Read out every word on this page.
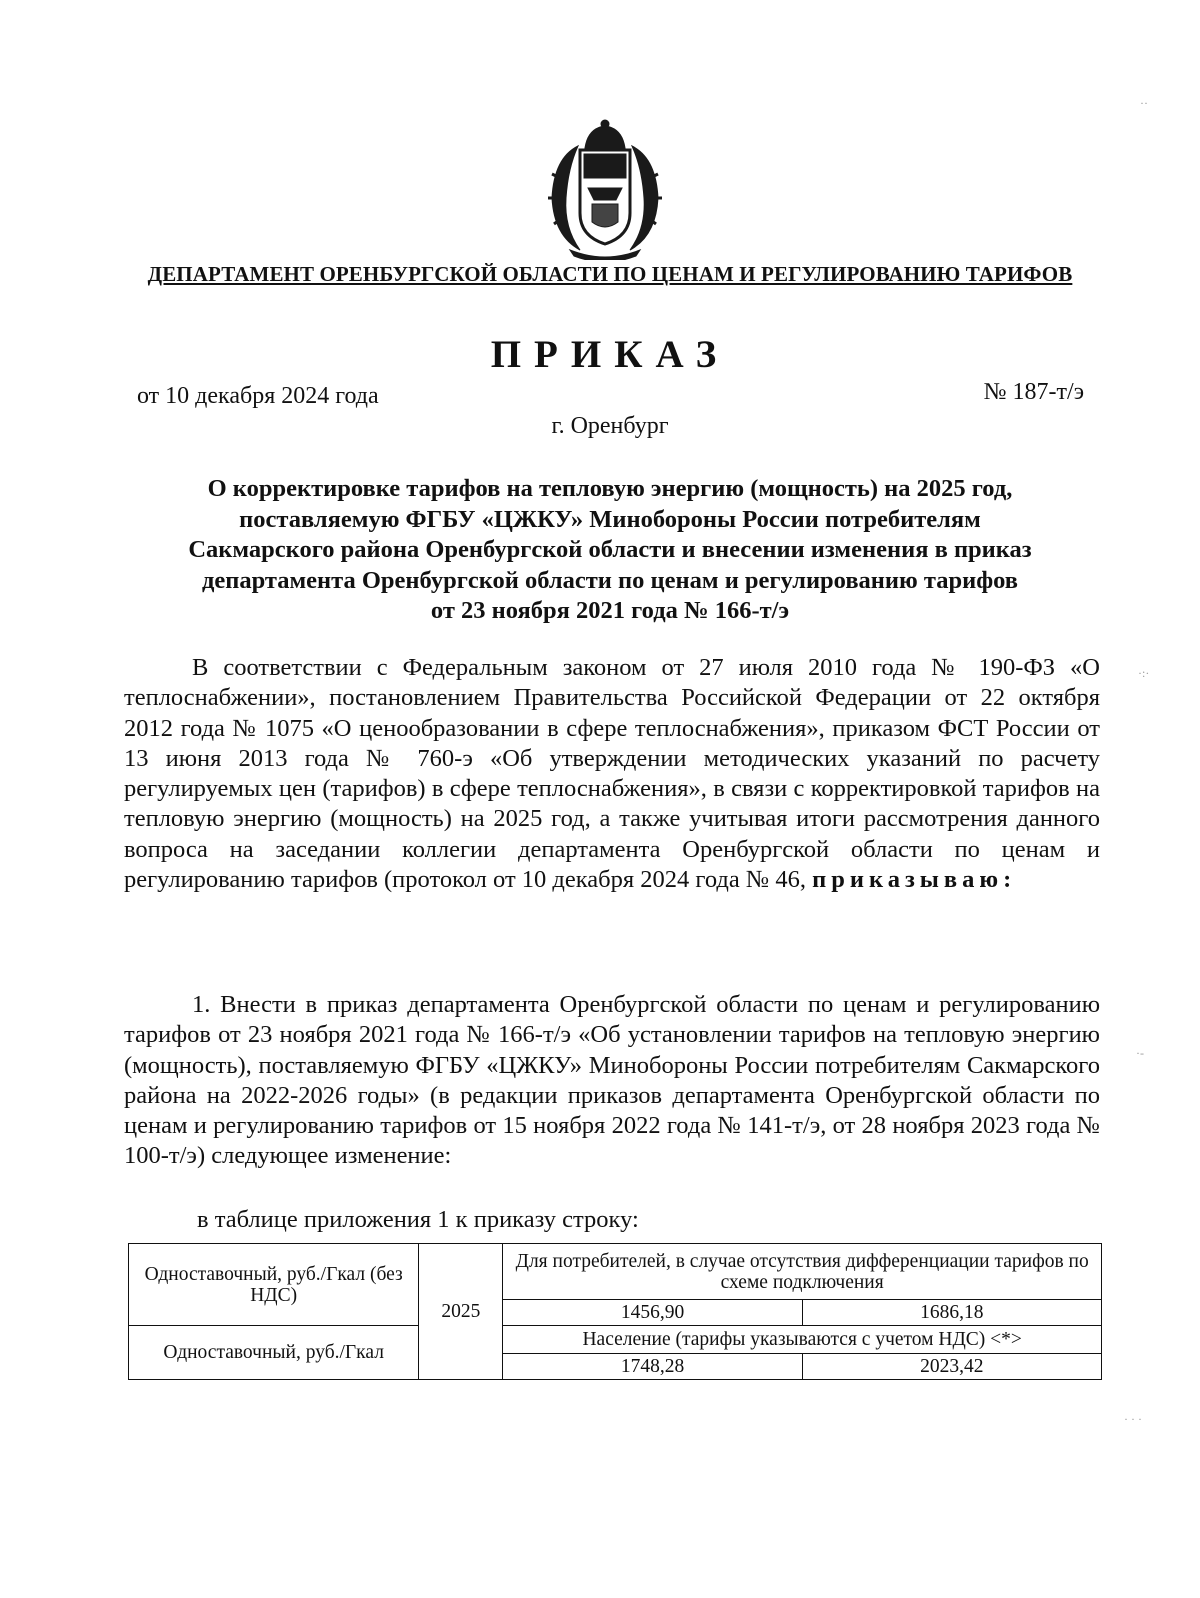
ДЕПАРТАМЕНТ ОРЕНБУРГСКОЙ ОБЛАСТИ ПО ЦЕНАМ И РЕГУЛИРОВАНИЮ ТАРИФОВ
ПРИКАЗ
от 10 декабря 2024 года	№ 187-т/э
г. Оренбург
О корректировке тарифов на тепловую энергию (мощность) на 2025 год,
поставляемую ФГБУ «ЦЖКУ» Минобороны России потребителям
Сакмарского района Оренбургской области и внесении изменения в приказ
департамента Оренбургской области по ценам и регулированию тарифов
от 23 ноября 2021 года № 166-т/э
В соответствии с Федеральным законом от 27 июля 2010 года № 190-ФЗ «О теплоснабжении», постановлением Правительства Российской Федерации от 22 октября 2012 года № 1075 «О ценообразовании в сфере теплоснабжения», приказом ФСТ России от 13 июня 2013 года № 760-э «Об утверждении методических указаний по расчету регулируемых цен (тарифов) в сфере теплоснабжения», в связи с корректировкой тарифов на тепловую энергию (мощность) на 2025 год, а также учитывая итоги рассмотрения данного вопроса на заседании коллегии департамента Оренбургской области по ценам и регулированию тарифов (протокол от 10 декабря 2024 года № 46, приказываю:
1. Внести в приказ департамента Оренбургской области по ценам и регулированию тарифов от 23 ноября 2021 года № 166-т/э «Об установлении тарифов на тепловую энергию (мощность), поставляемую ФГБУ «ЦЖКУ» Минобороны России потребителям Сакмарского района на 2022-2026 годы» (в редакции приказов департамента Оренбургской области по ценам и регулированию тарифов от 15 ноября 2022 года № 141-т/э, от 28 ноября 2023 года № 100-т/э) следующее изменение:
в таблице приложения 1 к приказу строку:
Одноставочный, руб./Гкал (без НДС)	2025	Для потребителей, в случае отсутствия дифференциации тарифов по схеме подключения	
		1456,90	1686,18
Одноставочный, руб./Гкал		Население (тарифы указываются с учетом НДС) <*>	
		1748,28	2023,42
··
·:·
·-
· · ·
